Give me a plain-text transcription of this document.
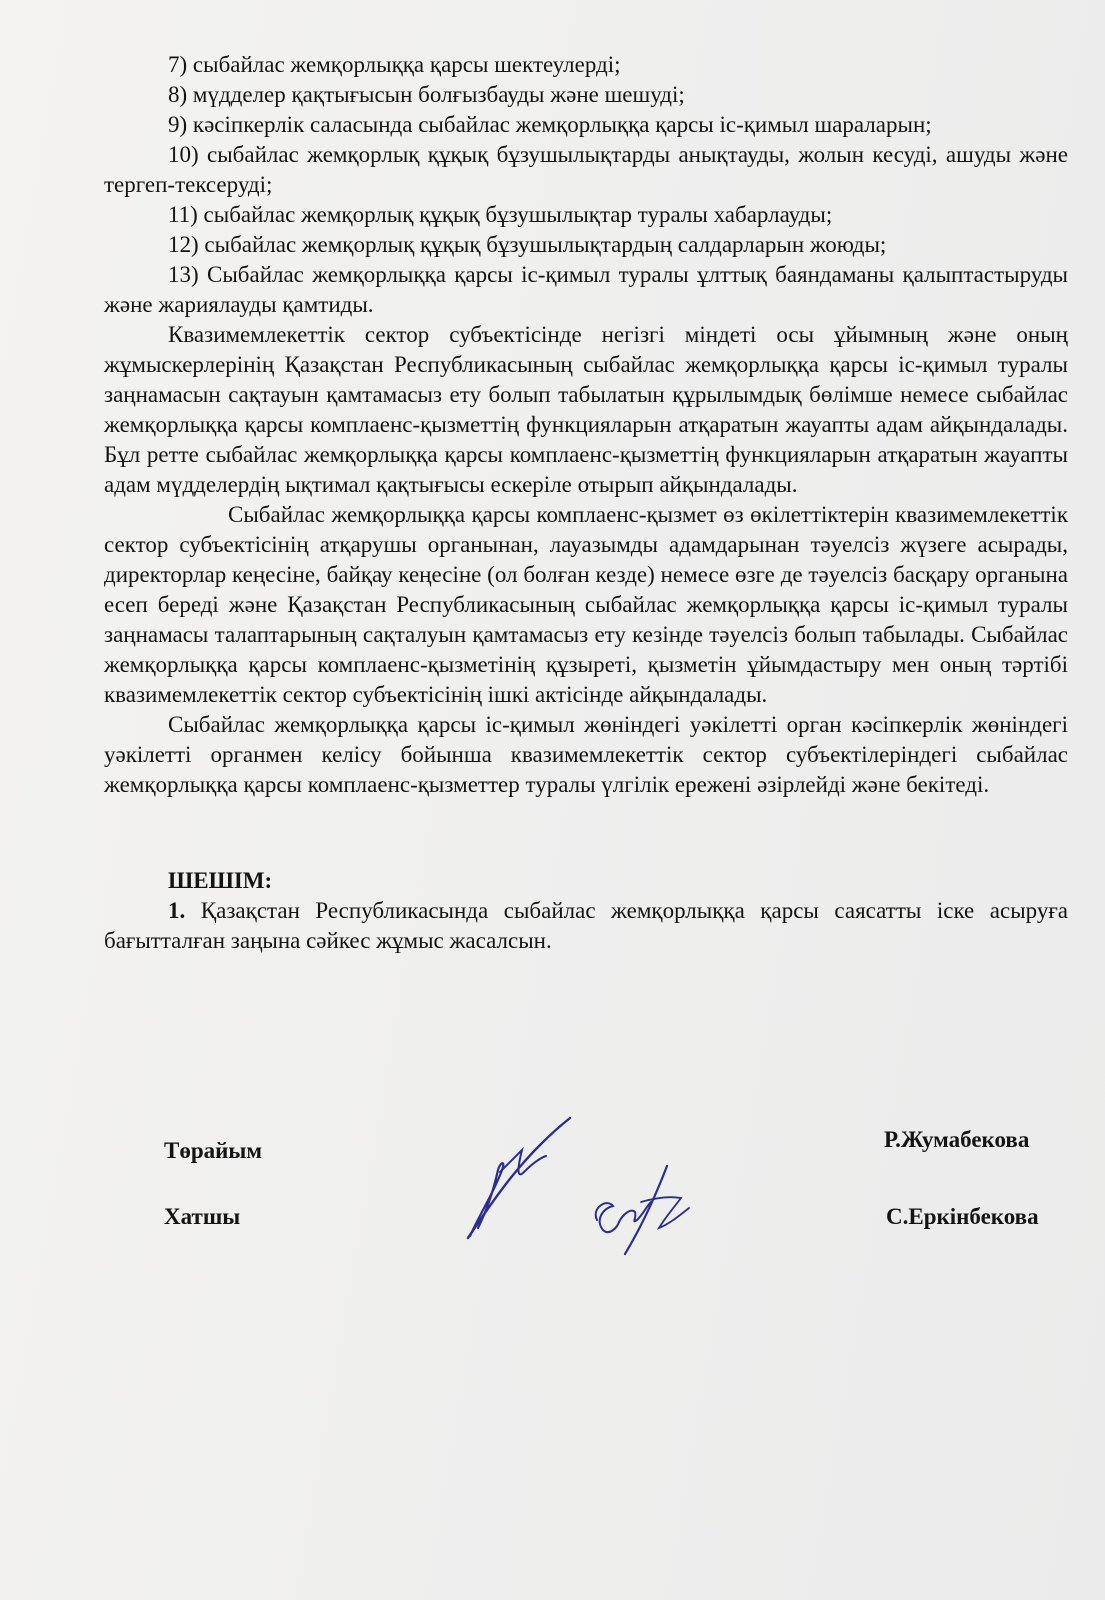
7) сыбайлас жемқорлыққа қарсы шектеулерді;

8) мүдделер қақтығысын болғызбауды және шешуді;

9) кәсіпкерлік саласында сыбайлас жемқорлыққа қарсы іс-қимыл шараларын;

10) сыбайлас жемқорлық құқық бұзушылықтарды анықтауды, жолын кесуді, ашуды және тергеп-тексеруді;

11) сыбайлас жемқорлық құқық бұзушылықтар туралы хабарлауды;

12) сыбайлас жемқорлық құқық бұзушылықтардың салдарларын жоюды;

13) Сыбайлас жемқорлыққа қарсы іс-қимыл туралы ұлттық баяндаманы қалыптастыруды және жариялауды қамтиды.

Квазимемлекеттік сектор субъектісінде негізгі міндеті осы ұйымның және оның жұмыскерлерінің Қазақстан Республикасының сыбайлас жемқорлыққа қарсы іс-қимыл туралы заңнамасын сақтауын қамтамасыз ету болып табылатын құрылымдық бөлімше немесе сыбайлас жемқорлыққа қарсы комплаенс-қызметтің функцияларын атқаратын жауапты адам айқындалады. Бұл ретте сыбайлас жемқорлыққа қарсы комплаенс-қызметтің функцияларын атқаратын жауапты адам мүдделердің ықтимал қақтығысы ескеріле отырып айқындалады.

Сыбайлас жемқорлыққа қарсы комплаенс-қызмет өз өкілеттіктерін квазимемлекеттік сектор субъектісінің атқарушы органынан, лауазымды адамдарынан тәуелсіз жүзеге асырады, директорлар кеңесіне, байқау кеңесіне (ол болған кезде) немесе өзге де тәуелсіз басқару органына есеп береді және Қазақстан Республикасының сыбайлас жемқорлыққа қарсы іс-қимыл туралы заңнамасы талаптарының сақталуын қамтамасыз ету кезінде тәуелсіз болып табылады. Сыбайлас жемқорлыққа қарсы комплаенс-қызметінің құзыреті, қызметін ұйымдастыру мен оның тәртібі квазимемлекеттік сектор субъектісінің ішкі актісінде айқындалады.

Сыбайлас жемқорлыққа қарсы іс-қимыл жөніндегі уәкілетті орган кәсіпкерлік жөніндегі уәкілетті органмен келісу бойынша квазимемлекеттік сектор субъектілеріндегі сыбайлас жемқорлыққа қарсы комплаенс-қызметтер туралы үлгілік ережені әзірлейді және бекітеді.

ШЕШІМ:

1. Қазақстан Республикасында сыбайлас жемқорлыққа қарсы саясатты іске асыруға бағытталған заңына сәйкес жұмыс жасалсын.

Төрайым	Р.Жумабекова
Хатшы	С.Еркінбекова
